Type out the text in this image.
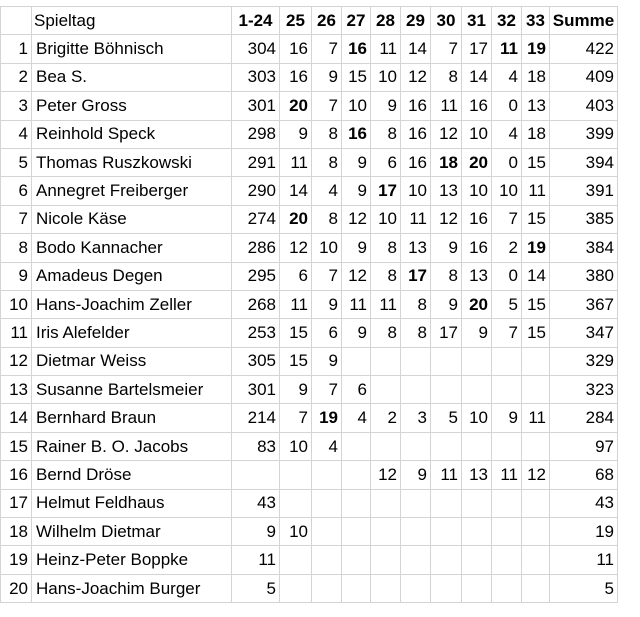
	Spieltag	1-24	25	26	27	28	29	30	31	32	33	Summe
1	Brigitte Böhnisch	304	16	7	16	11	14	7	17	11	19	422
2	Bea S.	303	16	9	15	10	12	8	14	4	18	409
3	Peter Gross	301	20	7	10	9	16	11	16	0	13	403
4	Reinhold Speck	298	9	8	16	8	16	12	10	4	18	399
5	Thomas Ruszkowski	291	11	8	9	6	16	18	20	0	15	394
6	Annegret Freiberger	290	14	4	9	17	10	13	10	10	11	391
7	Nicole Käse	274	20	8	12	10	11	12	16	7	15	385
8	Bodo Kannacher	286	12	10	9	8	13	9	16	2	19	384
9	Amadeus Degen	295	6	7	12	8	17	8	13	0	14	380
10	Hans-Joachim Zeller	268	11	9	11	11	8	9	20	5	15	367
11	Iris Alefelder	253	15	6	9	8	8	17	9	7	15	347
12	Dietmar Weiss	305	15	9								329
13	Susanne Bartelsmeier	301	9	7	6							323
14	Bernhard Braun	214	7	19	4	2	3	5	10	9	11	284
15	Rainer B. O. Jacobs	83	10	4								97
16	Bernd Dröse					12	9	11	13	11	12	68
17	Helmut Feldhaus	43										43
18	Wilhelm Dietmar	9	10									19
19	Heinz-Peter Boppke	11										11
20	Hans-Joachim Burger	5										5
